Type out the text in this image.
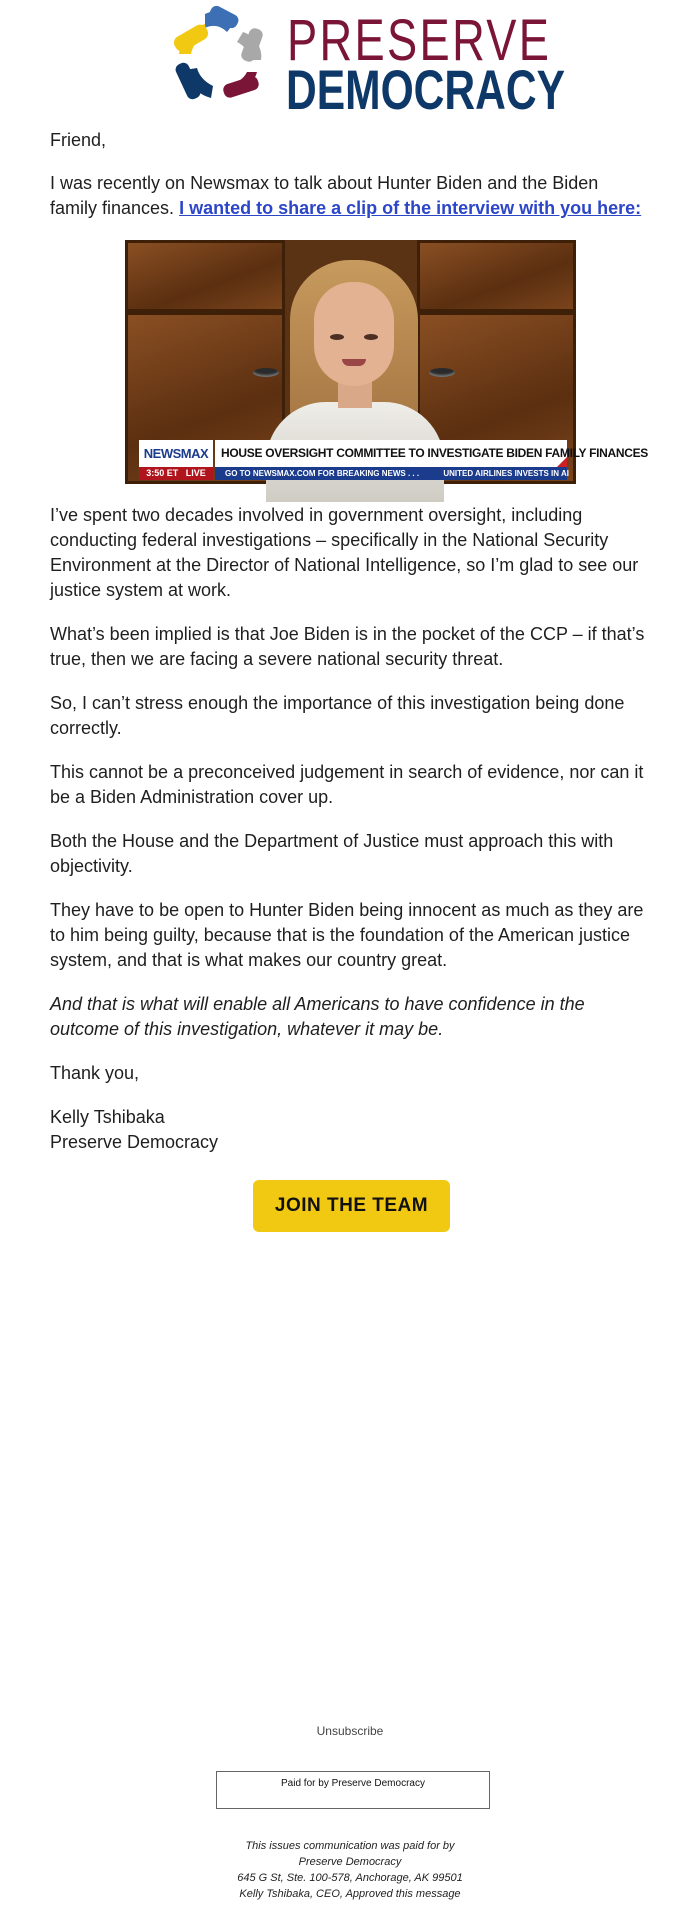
PRESERVE
DEMOCRACY

Friend,

I was recently on Newsmax to talk about Hunter Biden and the Biden family finances. I wanted to share a clip of the interview with you here:

NEWSMAX	HOUSE OVERSIGHT COMMITTEE TO INVESTIGATE BIDEN FAMILY FINANCES
3:50 ET LIVE	GO TO NEWSMAX.COM FOR BREAKING NEWS . . .	UNITED AIRLINES INVESTS IN AI

I’ve spent two decades involved in government oversight, including conducting federal investigations – specifically in the National Security Environment at the Director of National Intelligence, so I’m glad to see our justice system at work.

What’s been implied is that Joe Biden is in the pocket of the CCP – if that’s true, then we are facing a severe national security threat.

So, I can’t stress enough the importance of this investigation being done correctly.

This cannot be a preconceived judgement in search of evidence, nor can it be a Biden Administration cover up.

Both the House and the Department of Justice must approach this with objectivity.

They have to be open to Hunter Biden being innocent as much as they are to him being guilty, because that is the foundation of the American justice system, and that is what makes our country great.

And that is what will enable all Americans to have confidence in the outcome of this investigation, whatever it may be.

Thank you,

Kelly Tshibaka
Preserve Democracy

JOIN THE TEAM
Unsubscribe
Paid for by Preserve Democracy
This issues communication was paid for by
Preserve Democracy
645 G St, Ste. 100-578, Anchorage, AK 99501
Kelly Tshibaka, CEO, Approved this message
